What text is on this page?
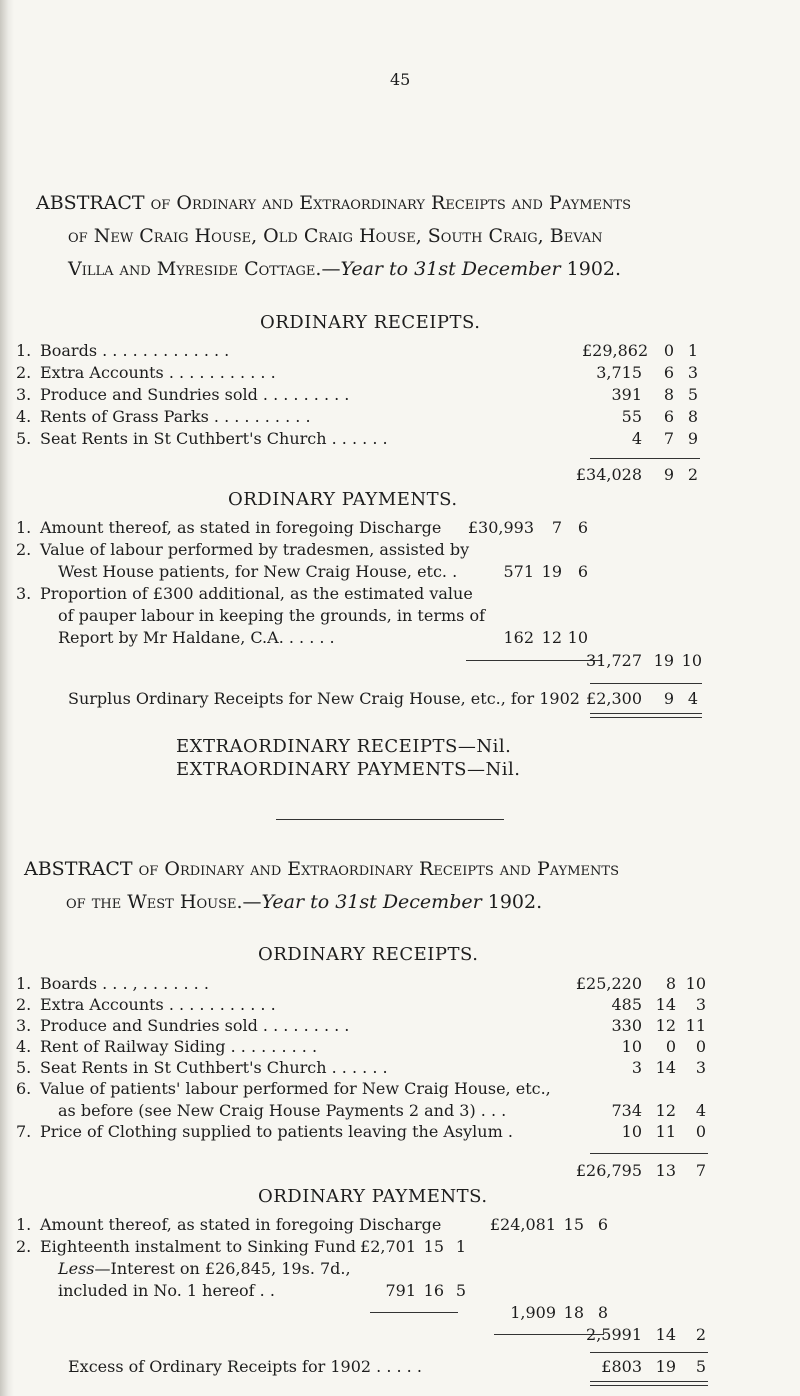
45
ABSTRACT of Ordinary and Extraordinary Receipts and Payments
of New Craig House, Old Craig House, South Craig, Bevan
Villa and Myreside Cottage.—Year to 31st December 1902.
ORDINARY RECEIPTS.
1. Boards . . . . . . . . . . . . .	£29,862 0 1
2. Extra Accounts . . . . . . . . . . .	3,715	6 3
3. Produce and Sundries sold . . . . . . . . .	391	8 5
4. Rents of Grass Parks . . . . . . . . . .	55	6 8
5. Seat Rents in St Cuthbert's Church . . . . . .	4	7 9
£34,028	9 2
ORDINARY PAYMENTS.
1. Amount thereof, as stated in foregoing Discharge	£30,993	7 6
2. Value of labour performed by tradesmen, assisted by
West House patients, for New Craig House, etc. .	571 19 6
3. Proportion of £300 additional, as the estimated value
of pauper labour in keeping the grounds, in terms of
Report by Mr Haldane, C.A. . . . . .	162 12 10
31,727 19 10
Surplus Ordinary Receipts for New Craig House, etc., for 1902 £2,300	9 4
EXTRAORDINARY RECEIPTS—Nil.
EXTRAORDINARY PAYMENTS—Nil.
ABSTRACT of Ordinary and Extraordinary Receipts and Payments
of the West House.—Year to 31st December 1902.
ORDINARY RECEIPTS.
1. Boards . . . , . . . . . . .	£25,220	8 10
2. Extra Accounts . . . . . . . . . . .	485 14	3
3. Produce and Sundries sold . . . . . . . . .	330 12 11
4. Rent of Railway Siding . . . . . . . . .	10	0	0
5. Seat Rents in St Cuthbert's Church . . . . . .	3 14	3
6. Value of patients' labour performed for New Craig House, etc.,
as before (see New Craig House Payments 2 and 3) . . .	734 12	4
7. Price of Clothing supplied to patients leaving the Asylum .	10 11	0
£26,795 13	7
ORDINARY PAYMENTS.
1. Amount thereof, as stated in foregoing Discharge	£24,081 15 6
2. Eighteenth instalment to Sinking Fund £2,701 15 1
Less—Interest on £26,845, 19s. 7d.,
included in No. 1 hereof . .	791 16 5
1,909 18 8
2,5991 14	2
Excess of Ordinary Receipts for 1902 . . . . .	£803 19	5
